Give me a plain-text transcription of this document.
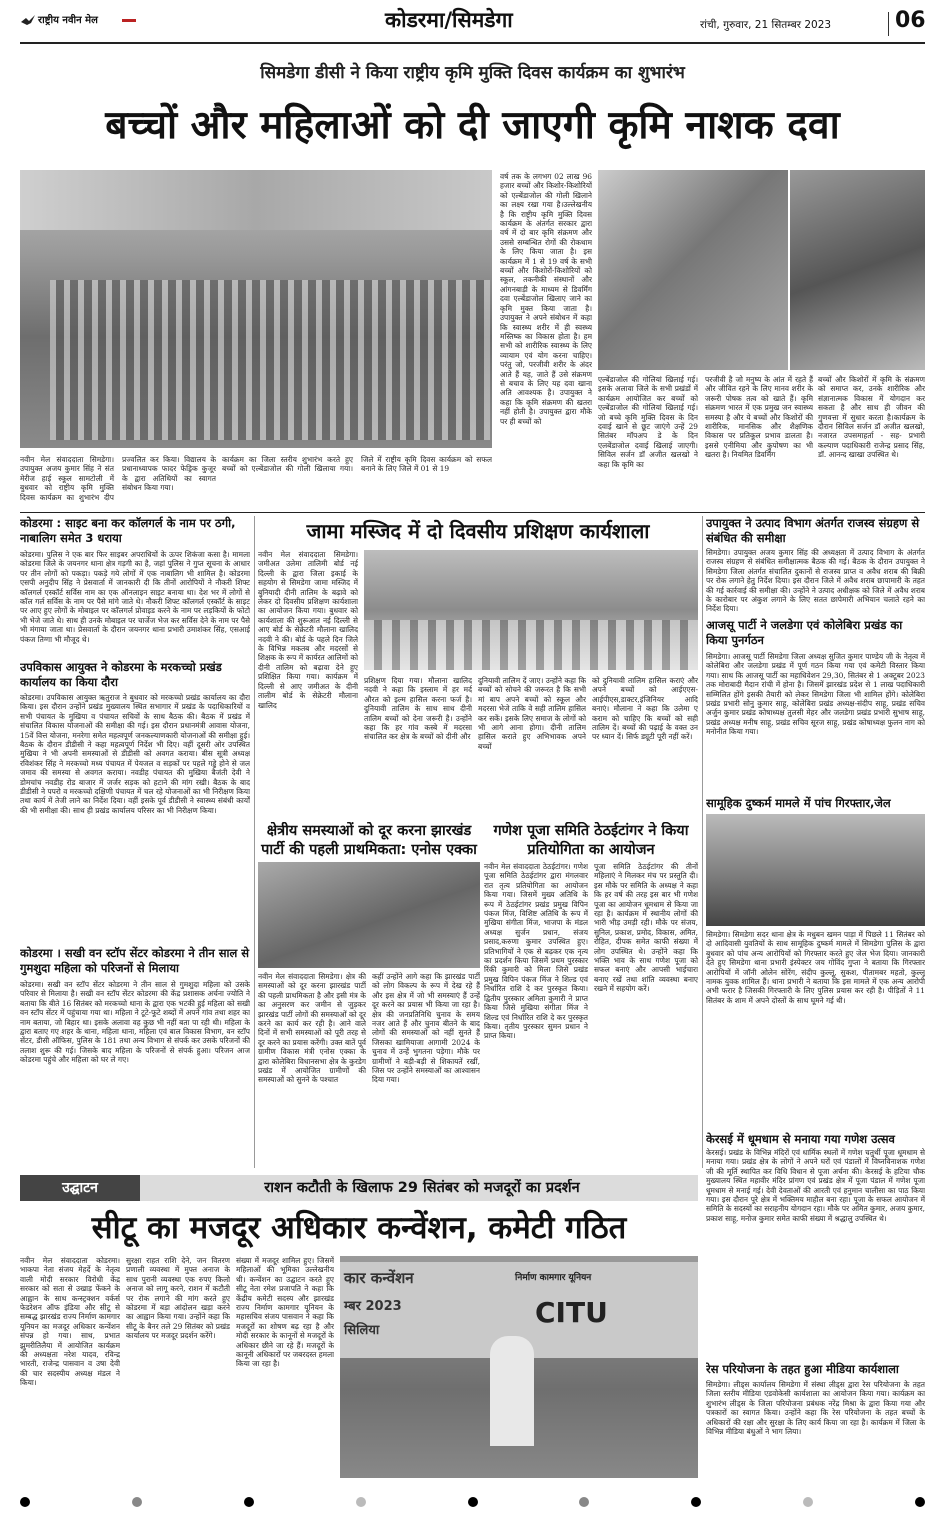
राष्ट्रीय नवीन मेल	कोडरमा/सिमडेगा	रांची, गुरुवार, 21 सितम्बर 2023	06
सिमडेगा डीसी ने किया राष्ट्रीय कृमि मुक्ति दिवस कार्यक्रम का शुभारंभ
बच्चों और महिलाओं को दी जाएगी कृमि नाशक दवा
नवीन मेल संवाददाता सिमडेगा। उपायुक्त अजय कुमार सिंह ने संत मेरीज हाई स्कूल सामटोली में बुधवार को राष्ट्रीय कृमि मुक्ति दिवस कार्यक्रम का शुभारंभ दीप प्रज्वलित कर किया। विद्यालय के प्रधानाध्यापक फादर फेड्रिक कुजूर के द्वारा अतिथियों का स्वागत संबोधन किया गया।
कार्यक्रम का जिला स्तरीय शुभारंभ करते हुए बच्चों को एल्बेंडाजोल की गोली खिलाया गया। जिले में राष्ट्रीय कृमि दिवस कार्यक्रम को सफल बनाने के लिए जिले में 01 से 19
वर्ष तक के लगभग 02 लाख 96 हजार बच्चों और किशोर-किशोरियों को एल्बेंडाजोल की गोली खिलाने का लक्ष्य रखा गया है।उल्लेखनीय है कि राष्ट्रीय कृमि मुक्ति दिवस कार्यक्रम के अंतर्गत सरकार द्वारा वर्ष में दो बार कृमि संक्रमण और उससे सम्बन्धित रोगों की रोकथाम के लिए किया जाता है। इस कार्यक्रम में 1 से 19 वर्ष के सभी बच्चों और किशोरों-किशोरियों को स्कूल, तकनीकी संस्थानों और आंगनबाड़ी के माध्यम से डिवर्मिंग दवा एल्बेंडाजोल खिलाए जाने का कृमि मुक्त किया जाता है। उपायुक्त ने अपने संबोधन में कहा कि स्वास्थ्य शरीर में ही स्वस्थ्य मस्तिष्क का विकास होता है। हम सभी को शारीरिक स्वास्थ्य के लिए व्यायाम एवं योग करना चाहिए। परंतु जो, परजीवी शरीर के अंदर आते हैं यह, जाते हैं उसे संक्रमण से बचाव के लिए यह दवा खाना अति आवश्यक है। उपायुक्त ने कहा कि कृमि संक्रमण की खतरा नहीं होती है। उपायुक्त द्वारा मौके पर ही बच्चों को
एल्बेंडाजोल की गोलियां खिलाई गई।इसके अलावा जिले के सभी प्रखंडों में कार्यक्रम आयोजित कर बच्चों को एल्बेंडाजोल की गोलियां खिलाई गई। जो बच्चे कृमि मुक्ति दिवस के दिन दवाई खाने से छूट जाएंगे उन्हें 29 सितंबर मॉपअप डे के दिन एलबेंडाजोल दवाई खिलाई जाएगी।सिविल सर्जन डॉ अजीत खलखो ने कहा कि कृमि का
परजीवी है जो मनुष्य के आंत में रहते हैं और जीवित रहने के लिए मानव शरीर के जरूरी पोषक तत्व को खाते हैं। कृमि संक्रमण भारत में एक प्रमुख जन स्वास्थ्य समस्या है और ये बच्चों और किशोरों की शारीरिक, मानसिक और शैक्षणिक विकास पर प्रतिकूल प्रभाव डालता है। इससे एनीमिया और कुपोषण का भी खतरा है। नियमित डिवर्मिंग
बच्चों और किशोरों में कृमि के संक्रमण को समाप्त कर, उनके शारीरिक और संज्ञानात्मक विकास में योगदान कर सकता है और साथ ही जीवन की गुणवत्ता में सुधार करता है।कार्यक्रम के दौरान सिविल सर्जन डॉ अजीत खलखो, नजारत उपसमाहर्ता - सह- प्रभारी कल्याण पदाधिकारी राजेन्द्र प्रसाद सिंह, डॉ. आनन्द खाखा उपस्थित थे।
कोडरमा : साइट बना कर कॉलगर्ल के नाम पर ठगी, नाबालिग समेत 3 धराया
कोडरमा। पुलिस ने एक बार फिर साइबर अपराधियों के ऊपर शिकंजा कसा है। मामला कोडरमा जिले के जयनगर थाना क्षेत्र गड़गी का है, जहां पुलिस ने गुप्त सूचना के आधार पर तीन लोगों को पकड़ा। पकड़े गये लोगों में एक नाबालिग भी शामिल है। कोडरमा एसपी अनुदीप सिंह ने प्रेसवार्ता में जानकारी दी कि तीनों आरोपियों ने नौकरी शिफ्ट कॉलगर्ल एस्कॉर्ट सर्विस नाम का एक ऑनलाइन साइट बनाया था। देश भर में लोगों से कॉल गर्ल सर्विस के नाम पर पैसे मांगे जाते थे। नौकरी शिफ्ट कॉलगर्ल एस्कॉर्ट के साइट पर आए हुए लोगों के मोबाइल पर कॉलगर्ल प्रोवाइड करने के नाम पर लड़कियों के फोटो भी भेजे जाते थे। साथ ही उनके मोबाइल पर चार्जेज भेज कर सर्विस देने के नाम पर पैसे भी मंगाया जाता था। प्रेसवार्ता के दौरान जयनगर थाना प्रभारी उमाशंकर सिंह, एसआई पंकज तिग्गा भी मौजूद थे।
उपविकास आयुक्त ने कोडरमा के मरकच्चो प्रखंड कार्यालय का किया दौरा
कोडरमा। उपविकास आयुक्त ऋतुराज ने बुधवार को मरकच्चो प्रखंड कार्यालय का दौरा किया। इस दौरान उन्होंने प्रखंड मुख्यालय स्थित सभागार में प्रखंड के पदाधिकारियों व सभी पंचायत के मुखिया व पंचायत सचिवों के साथ बैठक की। बैठक में प्रखंड में संचालित विकास योजनाओं की समीक्षा की गई। इस दौरान प्रधानमंत्री आवास योजना, 15वें वित्त योजना, मनरेगा समेत महत्वपूर्ण जनकल्याणकारी योजनाओं की समीक्षा हुई। बैठक के दौरान डीडीसी ने कहा महत्वपूर्ण निर्देश भी दिए। वहीं दूसरी ओर उपस्थित मुखिया ने भी अपनी समस्याओं से डीडीसी को अवगत कराया। बीस सूत्री अध्यक्ष रविशंकर सिंह ने मरकच्चो मध्य पंचायत में पेयजल व सड़कों पर पहले गड्ढे होने से जल जमाव की समस्या से अवगत कराया। नवडीह पंचायत की मुखिया बैजंती देवी ने डोमचांच नवडीह रोड बाजार में जर्जर सड़क को हटाने की मांग रखी। बैठक के बाद डीडीसी ने पपरो व मरकच्चो दक्षिणी पंचायत में चल रहे योजनाओं का भी निरीक्षण किया तथा कार्य में तेजी लाने का निर्देश दिया। वहीं इसके पूर्व डीडीसी ने स्वास्थ्य संबंधी कार्यों की भी समीक्षा की। साथ ही प्रखंड कार्यालय परिसर का भी निरीक्षण किया।
कोडरमा । सखी वन स्टॉप सेंटर कोडरमा ने तीन साल से गुमशुदा महिला को परिजनों से मिलाया
कोडरमा। सखी वन स्टॉप सेंटर कोडरमा ने तीन साल से गुमशुदा महिला को उसके परिवार से मिलाया है। सखी वन स्टॉप सेंटर कोडरमा की केंद्र प्रशासक अर्चना ज्योति ने बताया कि बीते 16 सितंबर को मरकच्चो थाना के द्वारा एक भटकी हुई महिला को सखी वन स्टॉप सेंटर में पहुंचाया गया था। महिला ने टूटे-फूटे शब्दों में अपने गांव तथा शहर का नाम बताया, जो बिहार था। इसके अलावा वह कुछ भी नहीं बता पा रही थी। महिला के द्वारा बताए गए शहर के थाना, महिला थाना, महिला एवं बाल विकास विभाग, वन स्टॉप सेंटर, डीसी ऑफिस, पुलिस के 181 तथा अन्य विभाग से संपर्क कर उसके परिजनों की तलाश शुरू की गई। जिसके बाद महिला के परिजनों से संपर्क हुआ। परिजन आज कोडरमा पहुंचे और महिला को घर ले गए।
जामा मस्जिद में दो दिवसीय प्रशिक्षण कार्यशाला
नवीन मेल संवाददाता सिमडेगा। जमीअत उलेमा तालिमी बोर्ड नई दिल्ली के द्वारा जिला इकाई के सहयोग से सिमडेगा जामा मस्जिद में बुनियादी दीनी तालिम के बढ़ावे को लेकर दो दिवसीय प्रशिक्षण कार्यशाला का आयोजन किया गया। बुधवार को कार्यशाला की शुरूआत नई दिल्ली से आए बोर्ड के सेक्रेटरी मौलाना खालिद नदवी ने की। बोर्ड के पहले दिन जिले के विभिन्न मकतब और मदरसों से शिक्षक के रूप में कार्यरत आलिमों को दीनी तालिम को बढ़ावा देने हुए प्रशिक्षित किया गया। कार्यक्रम में दिल्ली से आए जमीअत के दीनी तालीम बोर्ड के सेक्रेटरी मौलाना खालिद
प्रशिक्षण दिया गया। मौलाना खालिद नदवी ने कहा कि इस्लाम में हर मर्द औरत को इल्म हासिल करना फर्ज है। दुनियावी तालिम के साथ साथ दीनी तालिम बच्चों को देना जरूरी है। उन्होंने कहा कि हर गांव कस्बे में मदरसा संचालित कर क्षेत्र के बच्चों को दीनी और
दुनियावी तालिम दें जाए। उन्होंने कहा कि बच्चों को सोचने की जरूरत है कि सभी मां बाप अपने बच्चों को स्कूल और मदरसा भेजे ताकि वे सही तालिम हासिल कर सकें। इसके लिए समाज के लोगों को भी आगे आना होगा। दीनी तालिम हासिल कराते हुए अभिभावक अपने बच्चों
को दुनियावी तालिम हासिल कराएं और अपने बच्चों को आईएएस-आईपीएस,डाक्टर,इंजिनियर आदि बनाएं। मौलाना ने कहा कि उलेमा ए कराम को चाहिए कि बच्चों को सही तालिम दें। बच्चों की पढ़ाई के वक्त उन पर ध्यान दें। सिर्फ ड्यूटी पूरी नहीं करें।
क्षेत्रीय समस्याओं को दूर करना झारखंड पार्टी की पहली प्राथमिकता: एनोस एक्का
नवीन मेल संवाददाता सिमडेगा। क्षेत्र की समस्याओं को दूर करना झारखंड पार्टी की पहली प्राथमिकता है और इसी मंत्र के का अनुसरण कर जमीन से जुड़कर झारखंड पार्टी लोगों की समस्याओं को दूर करने का कार्य कर रही है। आने वाले दिनों में सभी समस्याओं को पूरी तरह से दूर करने का प्रयास करेंगी। उक्त बातें पूर्व ग्रामीण विकास मंत्री एनोस एक्का के द्वारा कोलेबिरा विधानसभा क्षेत्र के कुरडेग प्रखंड में आयोजित ग्रामीणों की समस्याओं को सुनने के पश्चात
कहीं उन्होंने आगे कहा कि झारखंड पार्टी को लोग विकल्प के रूप में देख रहे हैं और इस क्षेत्र में जो भी समस्याएं हैं उन्हें दूर करने का प्रयास भी किया जा रहा है। क्षेत्र की जनप्रतिनिधि चुनाव के समय नजर आते हैं और चुनाव बीतने के बाद लोगों की समस्याओं को नहीं सुनते हैं जिसका खामियाजा आगामी 2024 के चुनाव में उन्हें भुगतना पड़ेगा। मौके पर ग्रामीणों ने बड़ी-बड़ी से शिकायतें रखीं, जिस पर उन्होंने समस्याओं का आश्वासन दिया गया।
गणेश पूजा समिति ठेठईटांगर ने किया प्रतियोगिता का आयोजन
नवीन मेल संवाददाता ठेठईटांगर। गणेश पूजा समिति ठेठईटांगर द्वारा मंगलवार रात तृत्य प्रतियोगिता का आयोजन किया गया। जिसमें मुख्य अतिथि के रूप में ठेठईटांगर प्रखंड प्रमुख विपिन पंकज मिंज, विशिष्ट अतिथि के रूप में मुखिया संगीता मिंज, भाजपा के मंडल अध्यक्ष सुर्जन प्रधान, संजय प्रसाद,करुणा कुमार उपस्थित हुए। प्रतिभागियों ने एक से बढ़कर एक नृत्य का प्रदर्शन किया जिसमें प्रथम पुरस्कार रिंकी कुमारी को मिला जिसे प्रखंड प्रमुख विपिन पंकज मिंज ने शिल्ड एवं निर्धारित राशि दे कर पुरस्कृत किया। द्वितीय पुरस्कार अमिता कुमारी ने प्राप्त किया जिसे मुखिया संगीता मिंज ने शिल्ड एवं निर्धारित राशि दे कर पुरस्कृत किया। तृतीय पुरस्कार सुमन प्रधान ने प्राप्त किया।
पूजा समिति ठेठईटांगर की तीनों महिलाएं ने मिलकर मंच पर प्रस्तुति दी। इस मौके पर समिति के अध्यक्ष ने कहा कि हर वर्ष की तरह इस बार भी गणेश पूजा का आयोजन धूमधाम से किया जा रहा है। कार्यक्रम में स्थानीय लोगों की भारी भीड़ उमड़ी रही। मौके पर संजय, सुनिल, प्रकाश, प्रमोद, विकास, अमित, रोहित, दीपक समेत काफी संख्या में लोग उपस्थित थे। उन्होंने कहा कि भक्ति भाव के साथ गणेश पूजा को सफल बनाएं और आपसी भाईचारा बनाए रखें तथा शांति व्यवस्था बनाए रखने में सहयोग करें।
उपायुक्त ने उत्पाद विभाग अंतर्गत राजस्व संग्रहण से संबंधित की समीक्षा
सिमडेगा। उपायुक्त अजय कुमार सिंह की अध्यक्षता में उत्पाद विभाग के अंतर्गत राजस्व संग्रहण से संबंधित समीक्षात्मक बैठक की गई। बैठक के दौरान उपायुक्त ने सिमडेगा जिला अंतर्गत संचालित दुकानों से राजस्व प्राप्त व अवैध शराब की बिक्री पर रोक लगाने हेतु निर्देश दिया। इस दौरान जिले में अवैध शराब छापामारी के तहत की गई कार्रवाई की समीक्षा की। उन्होंने ने उत्पाद अधीक्षक को जिले में अवैध शराब के कारोबार पर अंकुश लगाने के लिए सतत छापेमारी अभियान चलाते रहने का निर्देश दिया।
आजसू पार्टी ने जलडेगा एवं कोलेबिरा प्रखंड का किया पुनर्गठन
सिमडेगा। आजसू पार्टी सिमडेगा जिला अध्यक्ष सुजित कुमार पाण्डेय जी के नेतृत्व में कोलेबिरा और जलडेगा प्रखंड में पूर्ण गठन किया गया एवं कमेटी विस्तार किया गया। साथ कि आजसू पार्टी का महाधिवेशन 29,30, सितंबर से 1 अक्टूबर 2023 तक मोराबादी मैदान रांची में होना है। जिसमें झारखंड प्रदेश से 1 लाख पदाधिकारी सम्मिलित होंगे इसकी तैयारी को लेकर सिमडेगा जिला भी शामिल होंगे। कोलेबिरा प्रखंड प्रभारी सोनु कुमार साहू, कोलेबिरा प्रखंड अध्यक्ष-संदीप साहू, प्रखंड सचिव अर्जुन कुमार प्रखंड कोषाध्यक्ष तुलसी मेहर और जलडेगा प्रखंड प्रभारी सुभाष साहू, प्रखंड अध्यक्ष मनीष साहू, प्रखंड सचिव सूरज साहू, प्रखंड कोषाध्यक्ष फुलन नाग को मनोनीत किया गया।
सामूहिक दुष्कर्म मामले में पांच गिरफ्तार,जेल
सिमडेगा। सिमडेगा सदर थाना क्षेत्र के मधुबन खमन पाड़ा में पिछले 11 सितंबर को दो आदिवासी युवतियों के साथ सामूहिक दुष्कर्म मामले में सिमडेगा पुलिस के द्वारा बुधवार को पांच अन्य आरोपियों को गिरफ्तार करते हुए जेल भेज दिया। जानकारी देते हुए सिमडेगा थाना प्रभारी इंस्पेक्टर जय गोविंद गुप्ता ने बताया कि गिरफ्तार आरोपियों में जॉनी ओलेन सोरेंग, संदीप कुल्लू, सुकश, पीतामबर महतो, कुल्लू नामक युवक शामिल हैं। थाना प्रभारी ने बताया कि इस मामले में एक अन्य आरोपी अभी फरार है जिसकी गिरफ्तारी के लिए पुलिस प्रयास कर रही है। पीड़ितों ने 11 सितंबर के शाम में अपने दोस्तों के साथ घूमने गई थी।
केरसई में धूमधाम से मनाया गया गणेश उत्सव
केरसई। प्रखंड के विभिन्न मंदिरों एवं धार्मिक स्थलों में गणेश चतुर्थी पूजा धूमधाम से मनाया गया। प्रखंड क्षेत्र के लोगों ने अपने घरों एवं पंडालों में विघ्नविनाशक गणेश जी की मूर्ति स्थापित कर विधि विधान से पूजा अर्चना की। केरसई के हटिया चौक मुख्यालय स्थित महावीर मंदिर प्रांगण एवं प्रखंड क्षेत्र में पूजा पंडाल में गणेश पूजा धूमधाम से मनाई गई। देवी देवताओं की आरती एवं हनुमान चालीसा का पाठ किया गया। इस दौरान पूरे क्षेत्र में भक्तिमय माहौल बना रहा। पूजा के सफल आयोजन में समिति के सदस्यों का सराहनीय योगदान रहा। मौके पर अमित कुमार, अजय कुमार, प्रकाश साहू, मनोज कुमार समेत काफी संख्या में श्रद्धालु उपस्थित थे।
रेस परियोजना के तहत हुआ मीडिया कार्यशाला
सिमडेगा। लीड्स कार्यालय सिमडेगा में संस्था लीड्स द्वारा रेस परियोजना के तहत जिला स्तरीय मीडिया एडवोकेसी कार्यशाला का आयोजन किया गया। कार्यक्रम का शुभारंभ लीड्स के जिला परियोजना प्रबंधक नरेंद्र मिश्रा के द्वारा किया गया और पत्रकारों का स्वागत किया। उन्होंने कहा कि रेस परियोजना के तहत बच्चों के अधिकारों की रक्षा और सुरक्षा के लिए कार्य किया जा रहा है। कार्यक्रम में जिला के विभिन्न मीडिया बंधुओं ने भाग लिया।
उद्घाटन	राशन कटौती के खिलाफ 29 सितंबर को मजदूरों का प्रदर्शन
सीटू का मजदूर अधिकार कन्वेंशन, कमेटी गठित
नवीन मेल संवाददाता कोडरमा। भाकपा नेता संजय मेहर्दे के नेतृत्व वाली मोदी सरकार विरोधी केंद्र सरकार को सता से उखाड़ फेंकने के आह्वान के साथ कन्स्ट्रक्शन वर्कर्स फेडरेशन ऑफ इंडिया और सीटू से सम्बद्ध झारखंड राज्य निर्माण कामगार यूनियन का मजदूर अधिकार कन्वेंशन संपन्न हो गया। साथ, प्रभात झुमरीतिलैया में आयोजित कार्यक्रम की अध्यक्षता नरेश यादव, रविन्द्र भारती, राजेन्द्र पासवान व उषा देवी की चार सदस्यीय अध्यक्ष मंडल ने किया।
सुरक्षा राहत राशि देने, जन वितरण प्रणाली व्यवस्था में मुफ्त अनाज के साथ पुरानी व्यवस्था एक रुपए किलो अनाज को लागू करने, राशन में कटौती पर रोक लगाने की मांग करते हुए कोडरमा में बड़ा आंदोलन खड़ा करने का आह्वान किया गया। उन्होंने कहा कि सीटू के बैनर तले 29 सितंबर को प्रखंड कार्यालय पर मजदूर प्रदर्शन करेंगे।
संख्या में मजदूर शामिल हुए। जिसमें महिलाओं की भूमिका उल्लेखनीय थी। कन्वेंशन का उद्घाटन करते हुए सीटू नेता रमेश प्रजापति ने कहा कि केंद्रीय कमेटी सदस्य और झारखंड राज्य निर्माण कामगार यूनियन के महासचिव संजय पासवान ने कहा कि मजदूरों का शोषण बढ़ रहा है और मोदी सरकार के कानूनों से मजदूरों के अधिकार छीने जा रहे हैं। मजदूरों के कानूनी अधिकारों पर जबरदस्त हमला किया जा रहा है।
कार कन्वेंशन
म्बर 2023
सिलिया
निर्माण कामगार यूनियन
CITU
